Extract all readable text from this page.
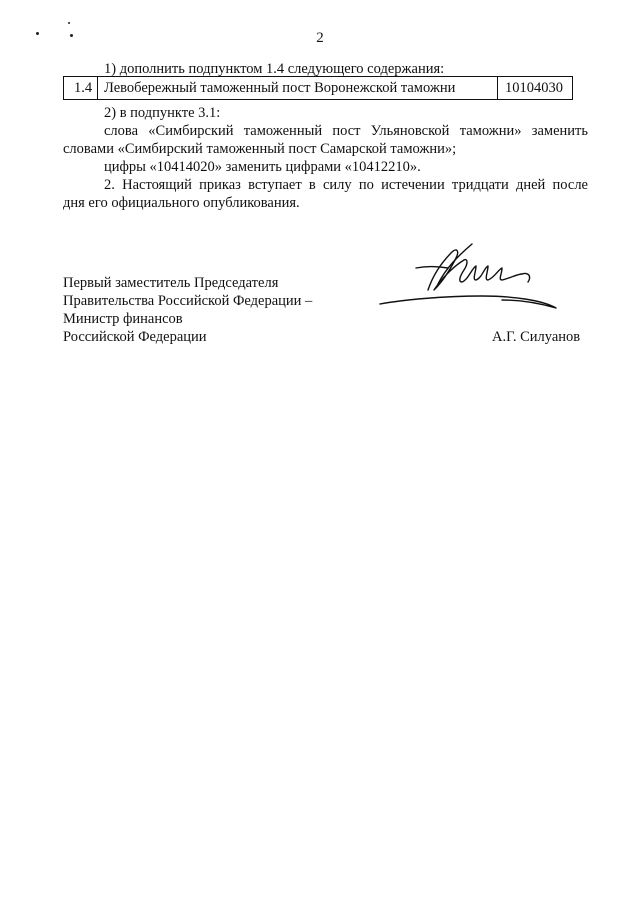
2
1) дополнить подпунктом 1.4 следующего содержания:
1.4 Левобережный таможенный пост Воронежской таможни	10104030
2) в подпункте 3.1:
слова «Симбирский таможенный пост Ульяновской таможни» заменить
словами «Симбирский таможенный пост Самарской таможни»;
цифры «10414020» заменить цифрами «10412210».
2. Настоящий приказ вступает в силу по истечении тридцати дней после
дня его официального опубликования.
Первый заместитель Председателя
Правительства Российской Федерации –
Министр финансов
Российской Федерации	А.Г. Силуанов
